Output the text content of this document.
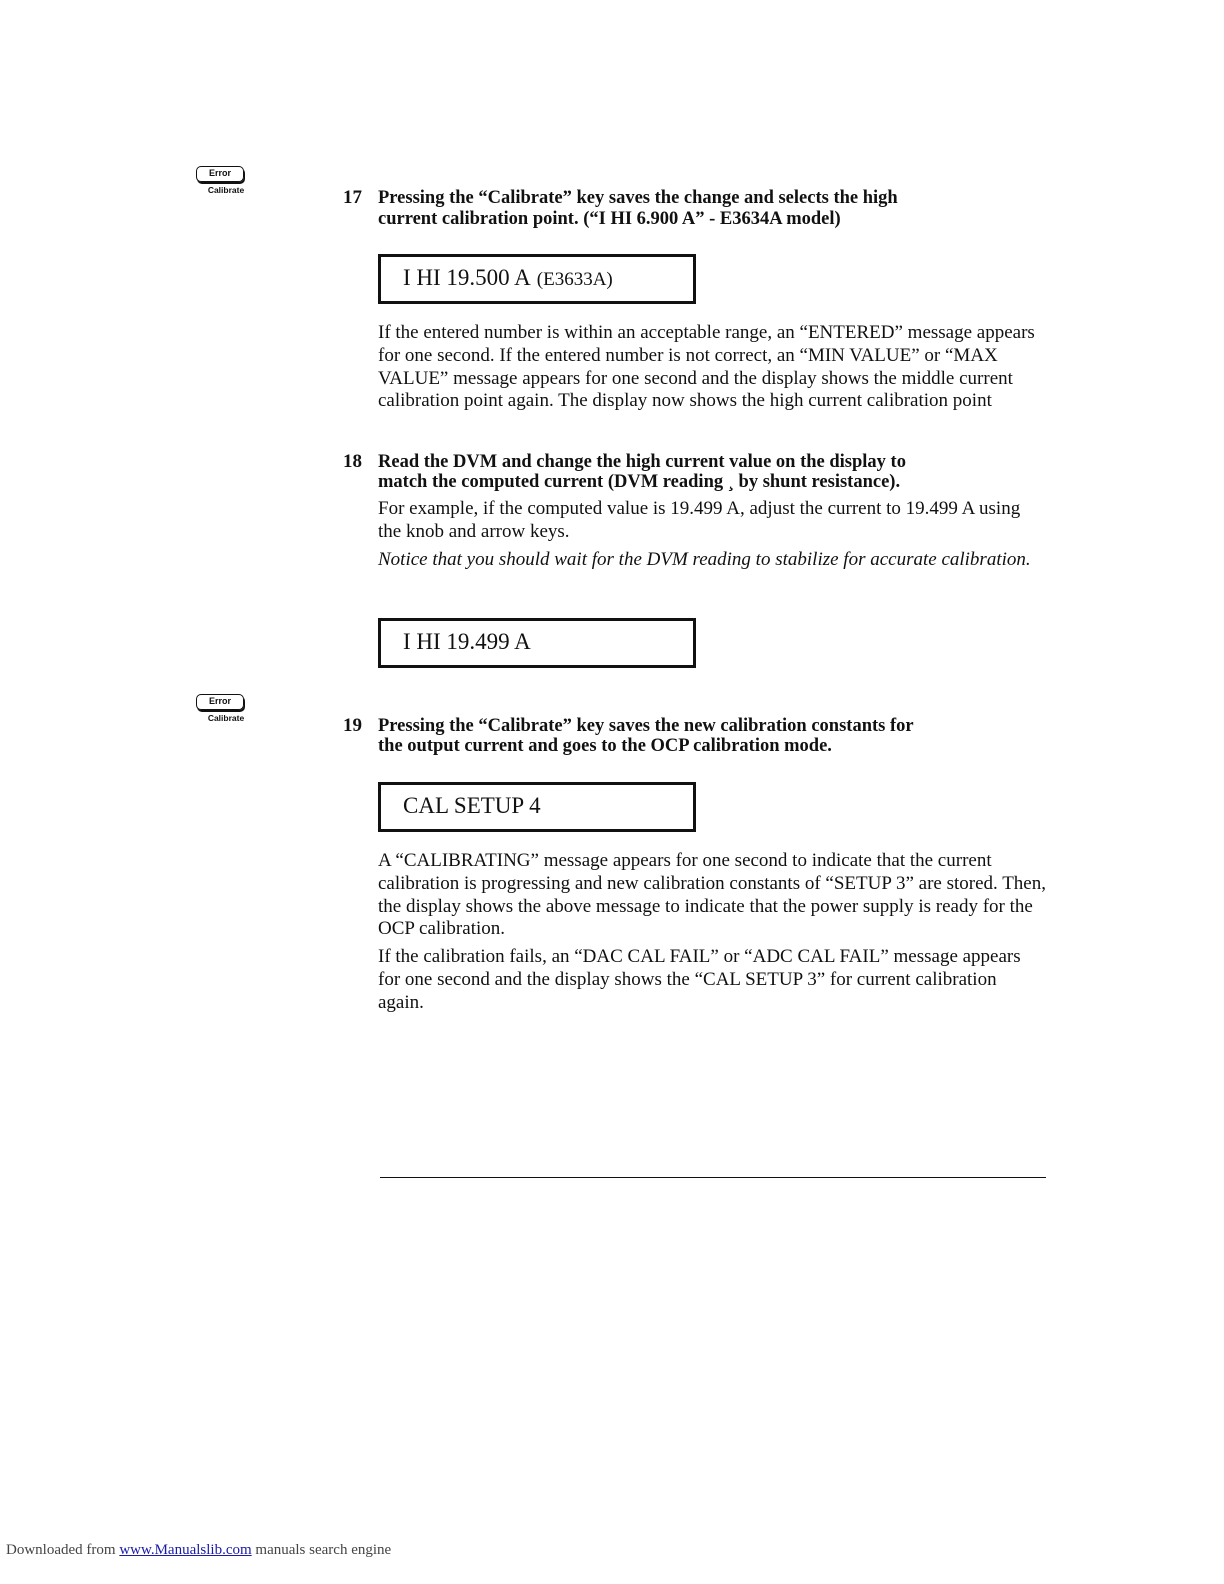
Error
Calibrate	17 Pressing the “Calibrate” key saves the change and selects the high
current calibration point. (“I HI 6.900 A” - E3634A model)
I HI 19.500 A (E3633A)

If the entered number is within an acceptable range, an “ENTERED” message appears for one second. If the entered number is not correct, an “MIN VALUE” or “MAX VALUE” message appears for one second and the display shows the middle current calibration point again. The display now shows the high current calibration point

18 Read the DVM and change the high current value on the display to
match the computed current (DVM reading ¸ by shunt resistance).

For example, if the computed value is 19.499 A, adjust the current to 19.499 A using the knob and arrow keys.

Notice that you should wait for the DVM reading to stabilize for accurate calibration.

I HI 19.499 A
Error
Calibrate	19 Pressing the “Calibrate” key saves the new calibration constants for
the output current and goes to the OCP calibration mode.
CAL SETUP 4

A “CALIBRATING” message appears for one second to indicate that the current calibration is progressing and new calibration constants of “SETUP 3” are stored. Then, the display shows the above message to indicate that the power supply is ready for the OCP calibration.

If the calibration fails, an “DAC CAL FAIL” or “ADC CAL FAIL” message appears for one second and the display shows the “CAL SETUP 3” for current calibration again.

Downloaded from www.Manualslib.com manuals search engine
